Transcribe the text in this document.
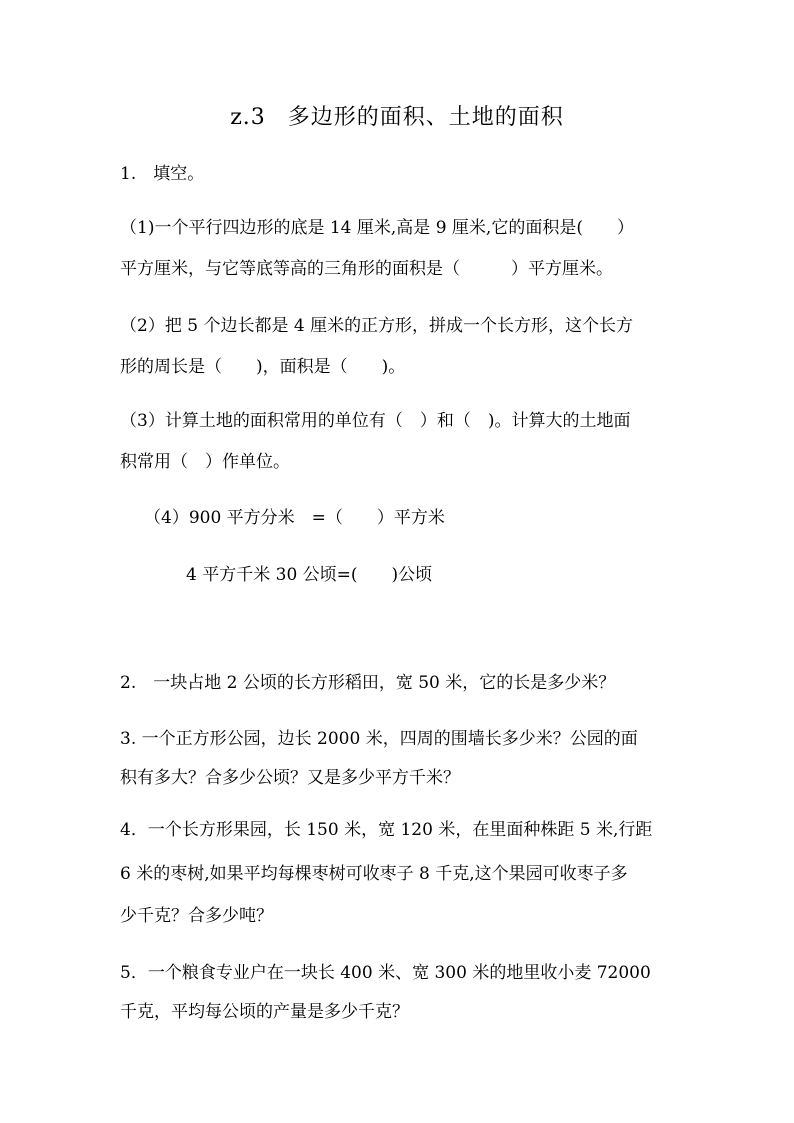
z.3 多边形的面积、土地的面积
1.　填空。
（1)一个平行四边形的底是 14 厘米,高是 9 厘米,它的面积是(　　）
平方厘米，与它等底等高的三角形的面积是（　　　）平方厘米。
（2）把 5 个边长都是 4 厘米的正方形，拼成一个长方形，这个长方
形的周长是（　　)，面积是（　　)。
（3）计算土地的面积常用的单位有（　）和（　)。计算大的土地面
积常用（　）作单位。
（4）900 平方分米　=（　　）平方米
4 平方千米 30 公顷=(　　)公顷
2.　一块占地 2 公顷的长方形稻田，宽 50 米，它的长是多少米？
3. 一个正方形公园，边长 2000 米，四周的围墙长多少米？公园的面
积有多大？合多少公顷？又是多少平方千米？
4．一个长方形果园，长 150 米，宽 120 米，在里面种株距 5 米,行距
6 米的枣树,如果平均每棵枣树可收枣子 8 千克,这个果园可收枣子多
少千克？合多少吨？
5．一个粮食专业户在一块长 400 米、宽 300 米的地里收小麦 72000
千克，平均每公顷的产量是多少千克？
